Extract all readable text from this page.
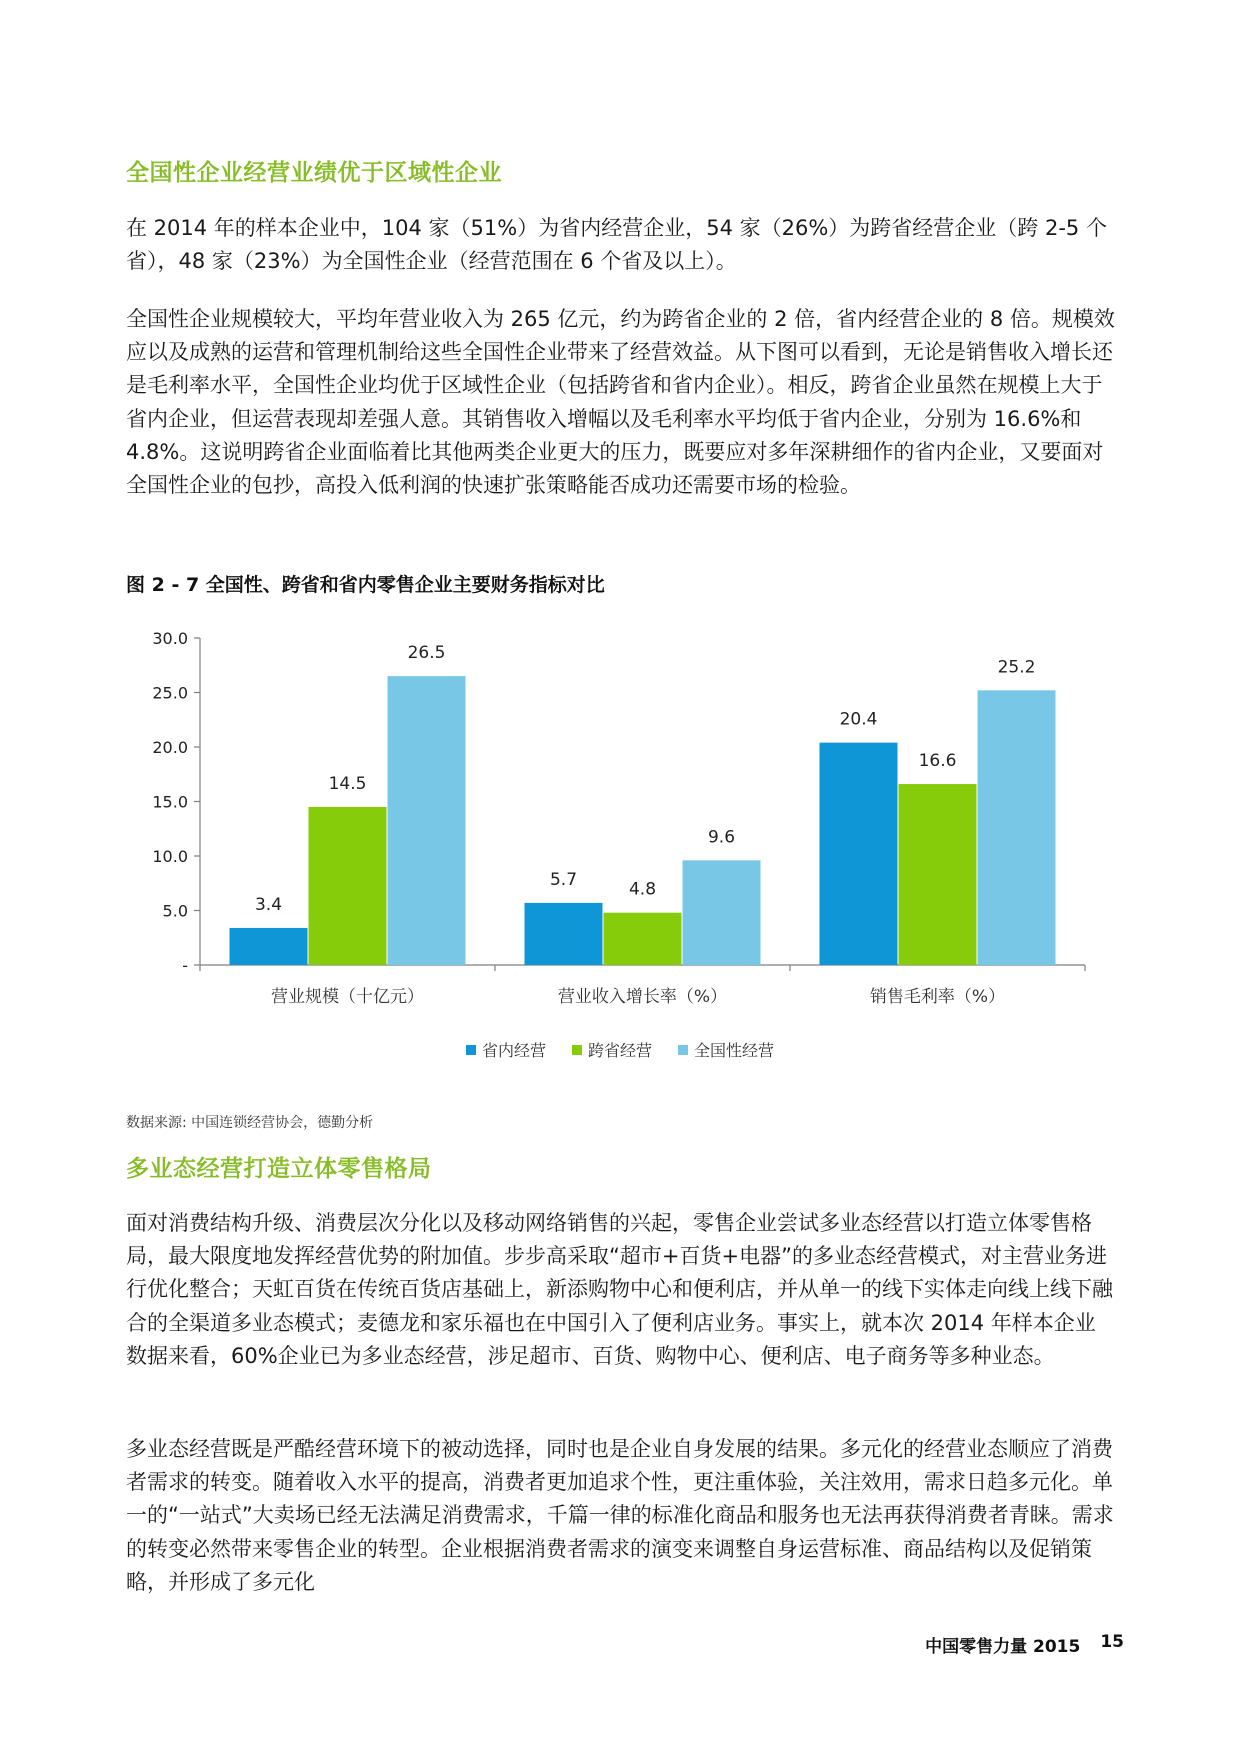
全国性企业经营业绩优于区域性企业

在 2014 年的样本企业中，104 家（51%）为省内经营企业，54 家（26%）为跨省经营企业（跨 2-5 个省），48 家（23%）为全国性企业（经营范围在 6 个省及以上）。

全国性企业规模较大，平均年营业收入为 265 亿元，约为跨省企业的 2 倍，省内经营企业的 8 倍。规模效应以及成熟的运营和管理机制给这些全国性企业带来了经营效益。从下图可以看到，无论是销售收入增长还是毛利率水平，全国性企业均优于区域性企业（包括跨省和省内企业）。相反，跨省企业虽然在规模上大于省内企业，但运营表现却差强人意。其销售收入增幅以及毛利率水平均低于省内企业，分别为 16.6%和 4.8%。这说明跨省企业面临着比其他两类企业更大的压力，既要应对多年深耕细作的省内企业，又要面对全国性企业的包抄，高投入低利润的快速扩张策略能否成功还需要市场的检验。

图 2 - 7 全国性、跨省和省内零售企业主要财务指标对比
-
5.0
10.0
15.0
20.0
25.0
30.0
营业规模（十亿元）	营业收入增长率（%）	销售毛利率（%）
3.4
14.5
26.5
5.7	4.8
9.6
20.4
16.6
25.2
省内经营	跨省经营	全国性经营

数据来源: 中国连锁经营协会，德勤分析

多业态经营打造立体零售格局

面对消费结构升级、消费层次分化以及移动网络销售的兴起，零售企业尝试多业态经营以打造立体零售格局，最大限度地发挥经营优势的附加值。步步高采取“超市+百货+电器”的多业态经营模式，对主营业务进行优化整合；天虹百货在传统百货店基础上，新添购物中心和便利店，并从单一的线下实体走向线上线下融合的全渠道多业态模式；麦德龙和家乐福也在中国引入了便利店业务。事实上，就本次 2014 年样本企业数据来看，60%企业已为多业态经营，涉足超市、百货、购物中心、便利店、电子商务等多种业态。

多业态经营既是严酷经营环境下的被动选择，同时也是企业自身发展的结果。多元化的经营业态顺应了消费者需求的转变。随着收入水平的提高，消费者更加追求个性，更注重体验，关注效用，需求日趋多元化。单一的“一站式”大卖场已经无法满足消费需求，千篇一律的标准化商品和服务也无法再获得消费者青睐。需求的转变必然带来零售企业的转型。企业根据消费者需求的演变来调整自身运营标准、商品结构以及促销策略，并形成了多元化

中国零售力量 2015 15
